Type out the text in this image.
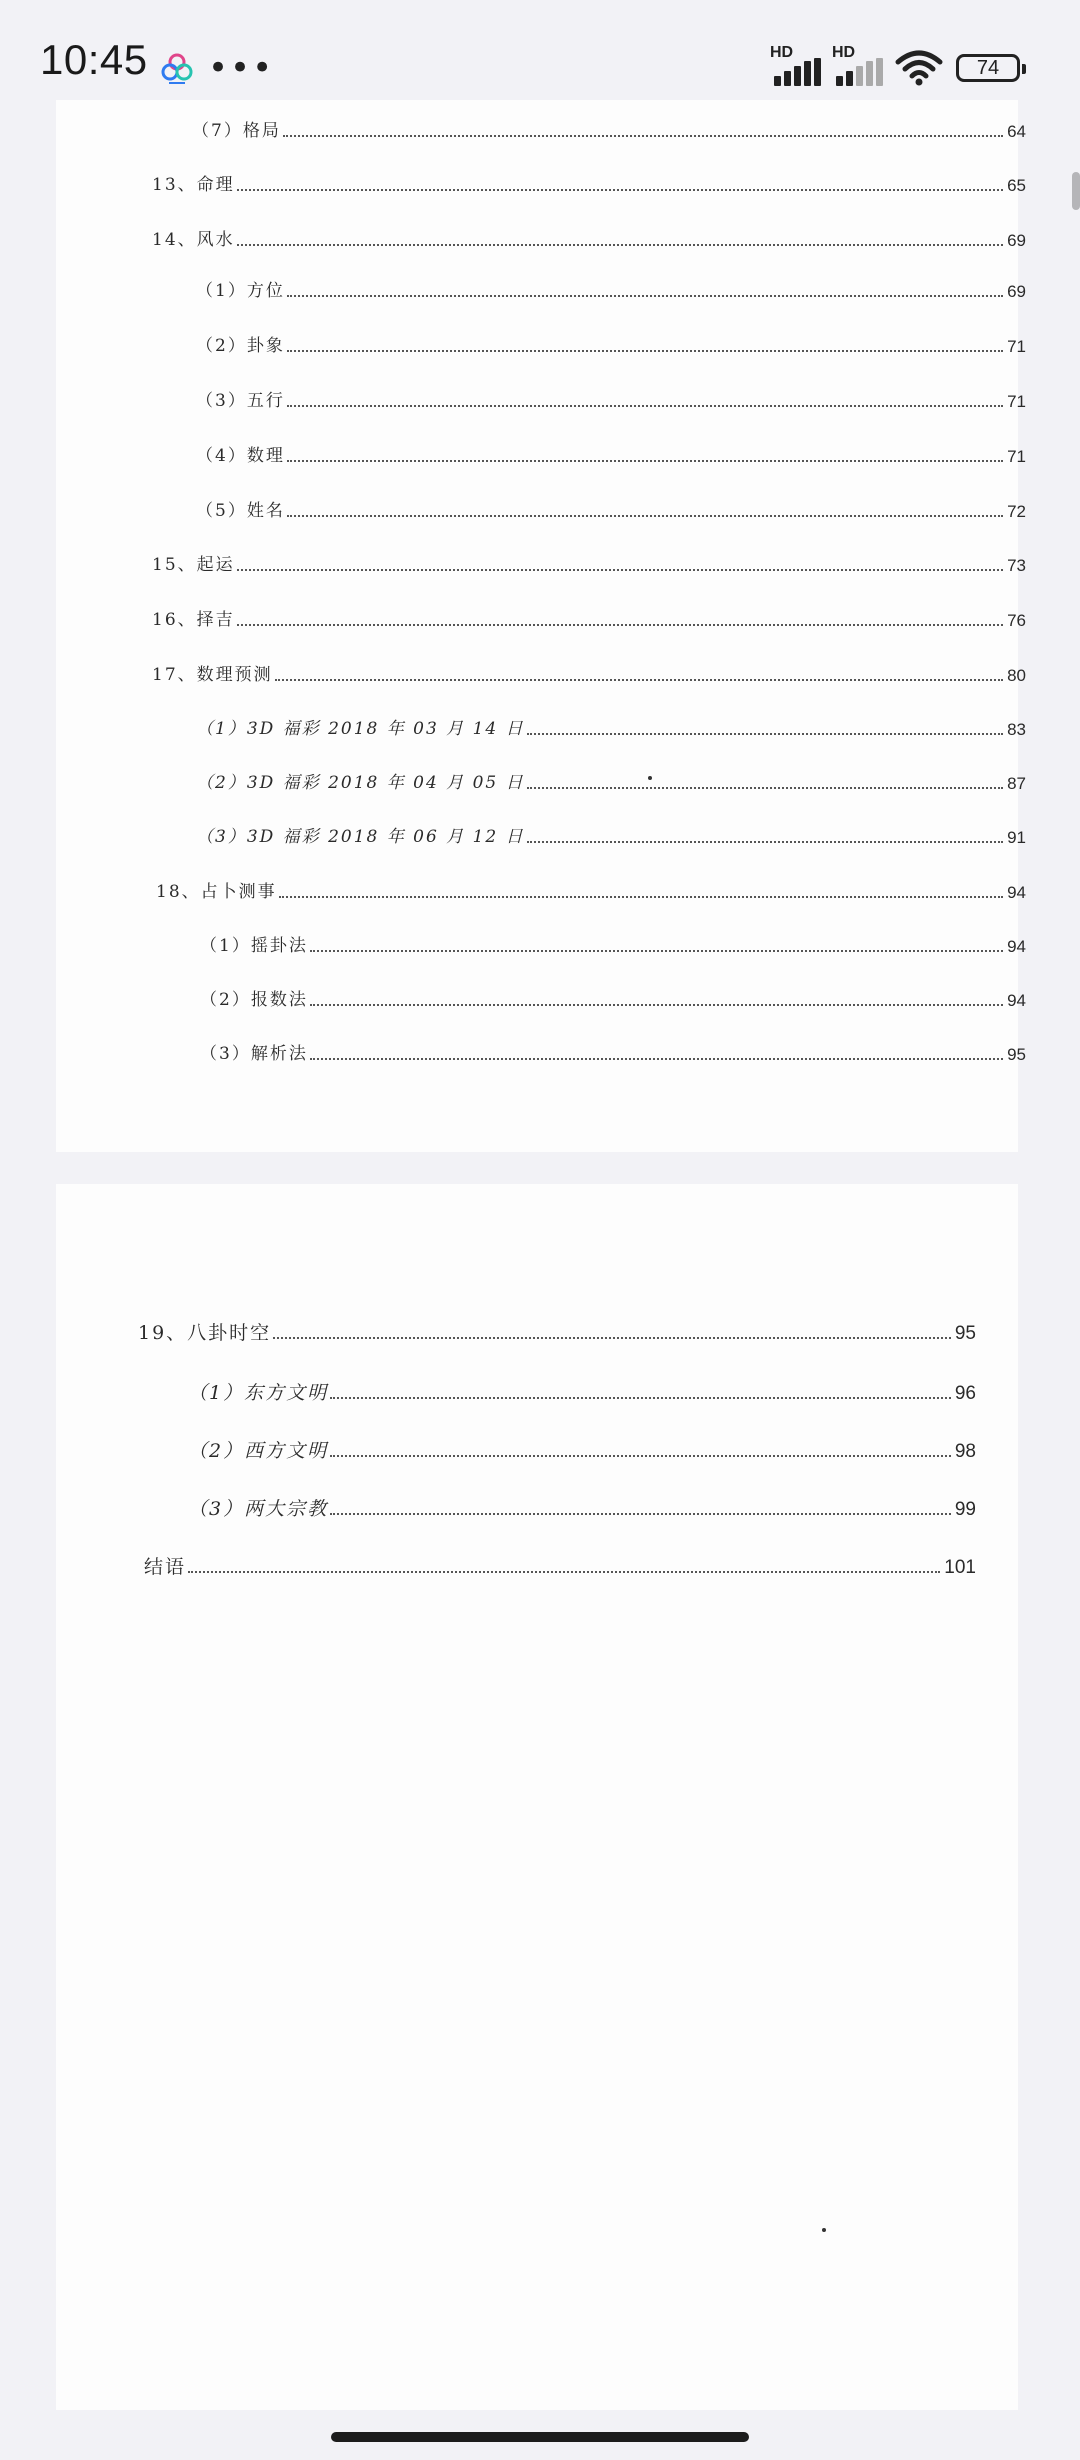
10:45 •••	HD HD
74
（7）格局	64
13、命理	65
14、风水	69
（1）方位	69
（2）卦象	71
（3）五行	71
（4）数理	71
（5）姓名	72
15、起运	73
16、择吉	76
17、数理预测	80
（1）3D 福彩 2018 年 03 月 14 日	83
（2）3D 福彩 2018 年 04 月 05 日	87
（3）3D 福彩 2018 年 06 月 12 日	91
18、占卜测事	94
（1）摇卦法	94
（2）报数法	94
（3）解析法	95
19、八卦时空	95
（1）东方文明	96
（2）西方文明	98
（3）两大宗教	99
结语	101
